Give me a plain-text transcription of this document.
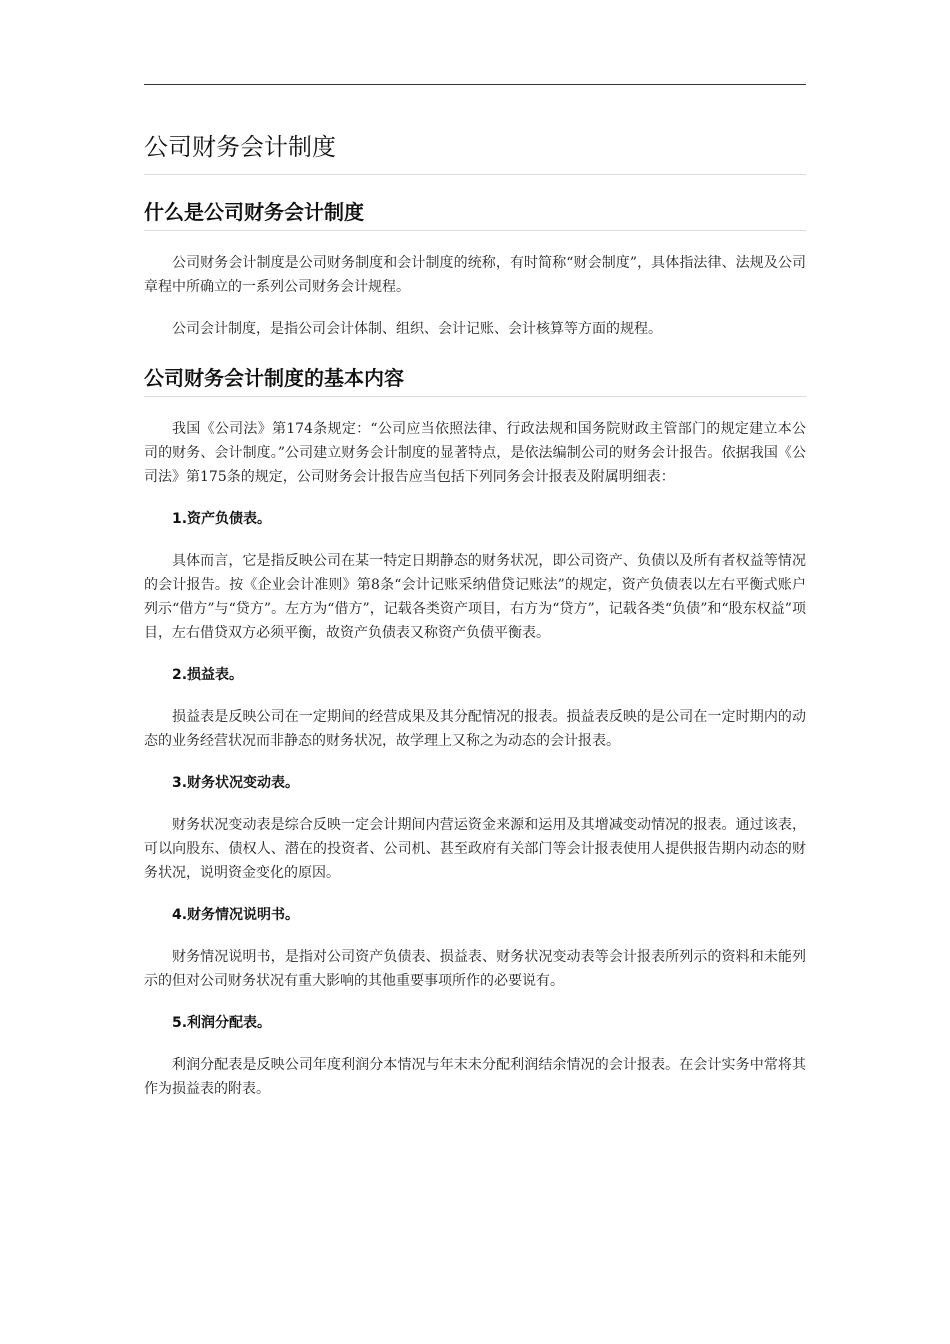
公司财务会计制度
什么是公司财务会计制度

公司财务会计制度是公司财务制度和会计制度的统称，有时简称“财会制度”，具体指法律、法规及公司章程中所确立的一系列公司财务会计规程。

公司会计制度，是指公司会计体制、组织、会计记账、会计核算等方面的规程。

公司财务会计制度的基本内容

我国《公司法》第174条规定：“公司应当依照法律、行政法规和国务院财政主管部门的规定建立本公司的财务、会计制度。”公司建立财务会计制度的显著特点，是依法编制公司的财务会计报告。依据我国《公司法》第175条的规定，公司财务会计报告应当包括下列同务会计报表及附属明细表：

1.资产负债表。

具体而言，它是指反映公司在某一特定日期静态的财务状况，即公司资产、负债以及所有者权益等情况的会计报告。按《企业会计准则》第8条“会计记账采纳借贷记账法”的规定，资产负债表以左右平衡式账户列示“借方”与“贷方”。左方为“借方”，记载各类资产项目，右方为“贷方”，记载各类“负债”和“股东权益”项目，左右借贷双方必须平衡，故资产负债表又称资产负债平衡表。

2.损益表。

损益表是反映公司在一定期间的经营成果及其分配情况的报表。损益表反映的是公司在一定时期内的动态的业务经营状况而非静态的财务状况，故学理上又称之为动态的会计报表。

3.财务状况变动表。

财务状况变动表是综合反映一定会计期间内营运资金来源和运用及其增减变动情况的报表。通过该表，可以向股东、债权人、潜在的投资者、公司机、甚至政府有关部门等会计报表使用人提供报告期内动态的财务状况，说明资金变化的原因。

4.财务情况说明书。

财务情况说明书，是指对公司资产负债表、损益表、财务状况变动表等会计报表所列示的资料和未能列示的但对公司财务状况有重大影响的其他重要事项所作的必要说有。

5.利润分配表。

利润分配表是反映公司年度利润分本情况与年末未分配利润结余情况的会计报表。在会计实务中常将其作为损益表的附表。
